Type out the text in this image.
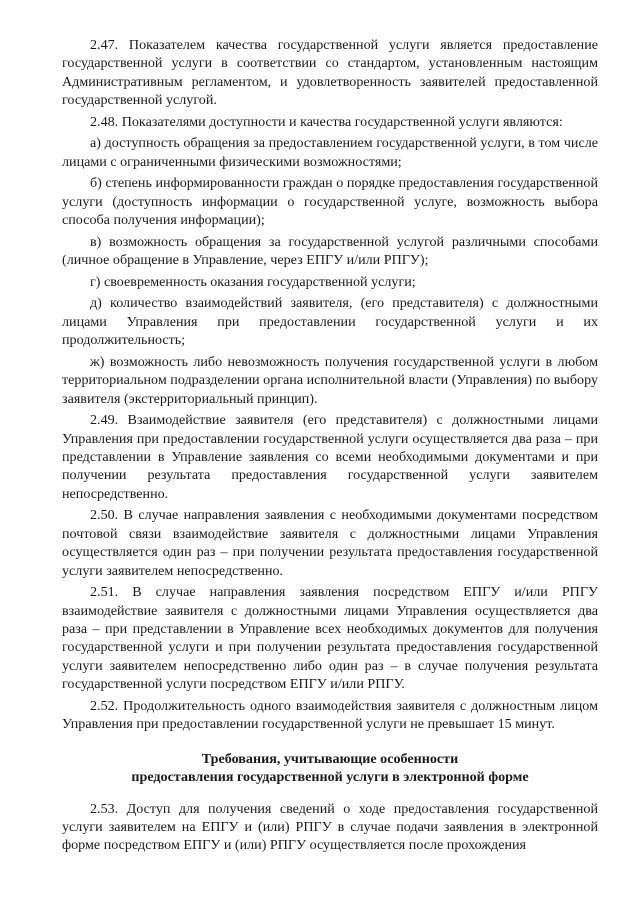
2.47. Показателем качества государственной услуги является предоставление государственной услуги в соответствии со стандартом, установленным настоящим Административным регламентом, и удовлетворенность заявителей предоставленной государственной услугой.

2.48. Показателями доступности и качества государственной услуги являются:

а) доступность обращения за предоставлением государственной услуги, в том числе лицами с ограниченными физическими возможностями;

б) степень информированности граждан о порядке предоставления государственной услуги (доступность информации о государственной услуге, возможность выбора способа получения информации);

в) возможность обращения за государственной услугой различными способами (личное обращение в Управление, через ЕПГУ и/или РПГУ);

г) своевременность оказания государственной услуги;

д) количество взаимодействий заявителя, (его представителя) с должностными лицами Управления при предоставлении государственной услуги и их продолжительность;

ж) возможность либо невозможность получения государственной услуги в любом территориальном подразделении органа исполнительной власти (Управления) по выбору заявителя (экстерриториальный принцип).

2.49. Взаимодействие заявителя (его представителя) с должностными лицами Управления при предоставлении государственной услуги осуществляется два раза – при представлении в Управление заявления со всеми необходимыми документами и при получении результата предоставления государственной услуги заявителем непосредственно.

2.50. В случае направления заявления с необходимыми документами посредством почтовой связи взаимодействие заявителя с должностными лицами Управления осуществляется один раз – при получении результата предоставления государственной услуги заявителем непосредственно.

2.51. В случае направления заявления посредством ЕПГУ и/или РПГУ взаимодействие заявителя с должностными лицами Управления осуществляется два раза – при представлении в Управление всех необходимых документов для получения государственной услуги и при получении результата предоставления государственной услуги заявителем непосредственно либо один раз – в случае получения результата государственной услуги посредством ЕПГУ и/или РПГУ.

2.52. Продолжительность одного взаимодействия заявителя с должностным лицом Управления при предоставлении государственной услуги не превышает 15 минут.

Требования, учитывающие особенности
предоставления государственной услуги в электронной форме

2.53. Доступ для получения сведений о ходе предоставления государственной услуги заявителем на ЕПГУ и (или) РПГУ в случае подачи заявления в электронной форме посредством ЕПГУ и (или) РПГУ осуществляется после прохождения
